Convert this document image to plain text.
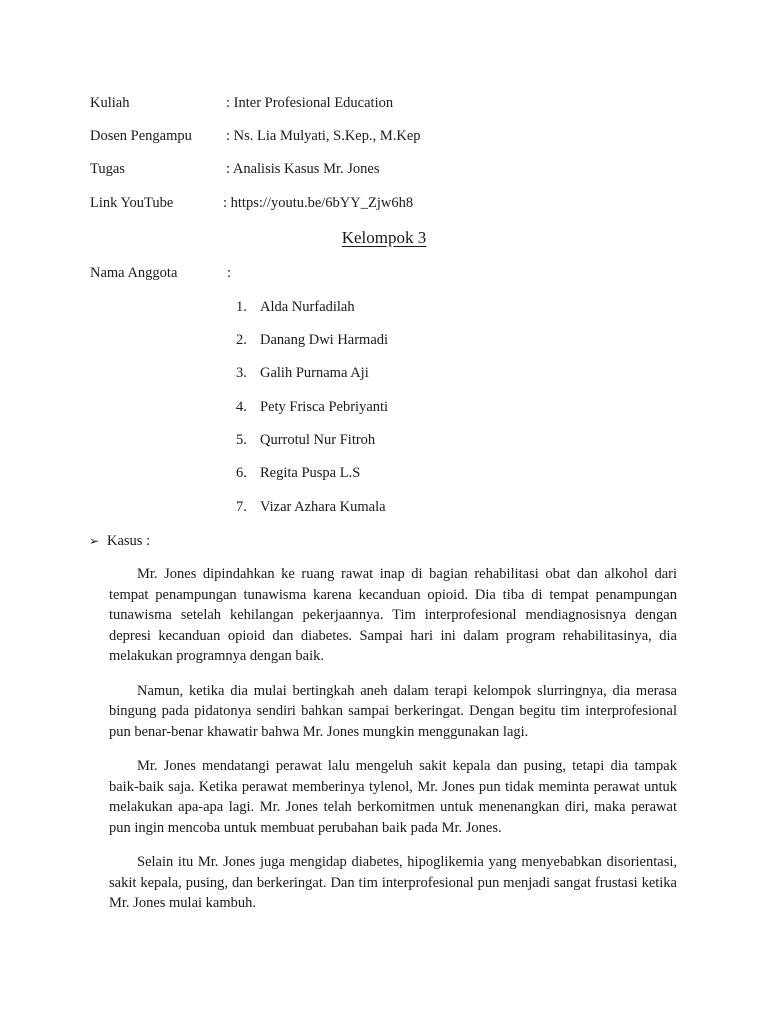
Kuliah	: Inter Profesional Education
Dosen Pengampu : Ns. Lia Mulyati, S.Kep., M.Kep
Tugas	: Analisis Kasus Mr. Jones
Link YouTube	: https://youtu.be/6bYY_Zjw6h8
Kelompok 3
Nama Anggota	:
1. Alda Nurfadilah
2. Danang Dwi Harmadi
3. Galih Purnama Aji
4. Pety Frisca Pebriyanti
5. Qurrotul Nur Fitroh
6. Regita Puspa L.S
7. Vizar Azhara Kumala
➢ Kasus :

Mr. Jones dipindahkan ke ruang rawat inap di bagian rehabilitasi obat dan alkohol dari tempat penampungan tunawisma karena kecanduan opioid. Dia tiba di tempat penampungan tunawisma setelah kehilangan pekerjaannya. Tim interprofesional mendiagnosisnya dengan depresi kecanduan opioid dan diabetes. Sampai hari ini dalam program rehabilitasinya, dia melakukan programnya dengan baik.

Namun, ketika dia mulai bertingkah aneh dalam terapi kelompok slurringnya, dia merasa bingung pada pidatonya sendiri bahkan sampai berkeringat. Dengan begitu tim interprofesional pun benar-benar khawatir bahwa Mr. Jones mungkin menggunakan lagi.

Mr. Jones mendatangi perawat lalu mengeluh sakit kepala dan pusing, tetapi dia tampak baik-baik saja. Ketika perawat memberinya tylenol, Mr. Jones pun tidak meminta perawat untuk melakukan apa-apa lagi. Mr. Jones telah berkomitmen untuk menenangkan diri, maka perawat pun ingin mencoba untuk membuat perubahan baik pada Mr. Jones.

Selain itu Mr. Jones juga mengidap diabetes, hipoglikemia yang menyebabkan disorientasi, sakit kepala, pusing, dan berkeringat. Dan tim interprofesional pun menjadi sangat frustasi ketika Mr. Jones mulai kambuh.
